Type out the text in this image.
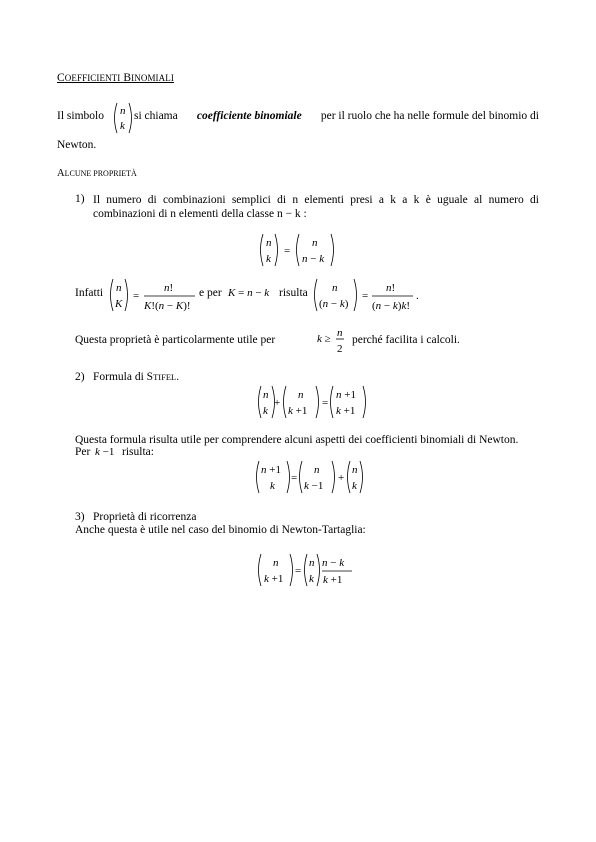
COEFFICIENTI BINOMIALI
Il simbolo	si chiama coefficiente binomiale per il ruolo che ha nelle formule del binomio di
n
k
Newton.
ALCUNE PROPRIETÀ
1) Il numero di combinazioni semplici di n elementi presi a k a k è uguale al numero di combinazioni di n elementi della classe n − k :
n
k
=
n
n − k
Infatti n
K
=
n!
K!(n − K)!
e per K = n − k risulta n
(n − k)
=
n!
(n − k)k!
.
Questa proprietà è particolarmente utile per	k ≥ n
2
perché facilita i calcoli.
2) Formula di STIFEL.
n
k
+
n
k +1
=
n +1
k +1
Questa formula risulta utile per comprendere alcuni aspetti dei coefficienti binomiali di Newton.
Per k −1 risulta:
n +1
k
=
n
k −1
+
n
k
3) Proprietà di ricorrenza
Anche questa è utile nel caso del binomio di Newton-Tartaglia:
n
k +1
=
n
k
n − k
k +1
